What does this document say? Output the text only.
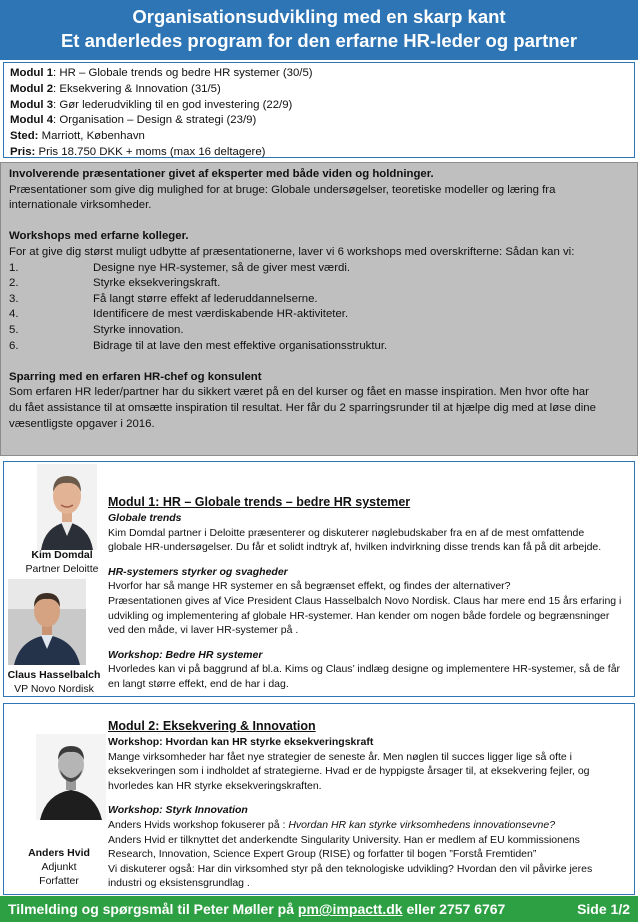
Organisationsudvikling med en skarp kant
Et anderledes program for den erfarne HR-leder og partner
Modul 1: HR – Globale trends og bedre HR systemer (30/5)
Modul 2: Eksekvering & Innovation (31/5)
Modul 3: Gør lederudvikling til en god investering (22/9)
Modul 4: Organisation – Design & strategi (23/9)
Sted: Marriott, København
Pris: Pris 18.750 DKK + moms (max 16 deltagere)
Involverende præsentationer givet af eksperter med både viden og holdninger.
Præsentationer som give dig mulighed for at bruge: Globale undersøgelser, teoretiske modeller og læring fra
internationale virksomheder.
Workshops med erfarne kolleger.
For at give dig størst muligt udbytte af præsentationerne, laver vi 6 workshops med overskrifterne: Sådan kan vi:
1.	Designe nye HR-systemer, så de giver mest værdi.
2.	Styrke eksekveringskraft.
3.	Få langt større effekt af lederuddannelserne.
4.	Identificere de mest værdiskabende HR-aktiviteter.
5.	Styrke innovation.
6.	Bidrage til at lave den mest effektive organisationsstruktur.
Sparring med en erfaren HR-chef og konsulent
Som erfaren HR leder/partner har du sikkert været på en del kurser og fået en masse inspiration. Men hvor ofte har
du fået assistance til at omsætte inspiration til resultat. Her får du 2 sparringsrunder til at hjælpe dig med at løse dine
væsentligste opgaver i 2016.
Kim Domdal
Partner Deloitte
Claus Hasselbalch
VP Novo Nordisk
Modul 1: HR – Globale trends – bedre HR systemer
Globale trends
Kim Domdal partner i Deloitte præsenterer og diskuterer nøglebudskaber fra en af de mest omfattende
globale HR-undersøgelser. Du får et solidt indtryk af, hvilken indvirkning disse trends kan få på dit arbejde.
HR-systemers styrker og svagheder
Hvorfor har så mange HR systemer en så begrænset effekt, og findes der alternativer?
Præsentationen gives af Vice President Claus Hasselbalch Novo Nordisk. Claus har mere end 15 års erfaring i
udvikling og implementering af globale HR-systemer. Han kender om nogen både fordele og begrænsninger
ved den måde, vi laver HR-systemer på .
Workshop: Bedre HR systemer
Hvorledes kan vi på baggrund af bl.a. Kims og Claus’ indlæg designe og implementere HR-systemer, så de får
en langt større effekt, end de har i dag.
Anders Hvid
Adjunkt
Forfatter
Modul 2: Eksekvering & Innovation
Workshop: Hvordan kan HR styrke eksekveringskraft
Mange virksomheder har fået nye strategier de seneste år. Men nøglen til succes ligger lige så ofte i
eksekveringen som i indholdet af strategierne. Hvad er de hyppigste årsager til, at eksekvering fejler, og
hvorledes kan HR styrke eksekveringskraften.
Workshop: Styrk Innovation
Anders Hvids workshop fokuserer på : Hvordan HR kan styrke virksomhedens innovationsevne?
Anders Hvid er tilknyttet det anderkendte Singularity University. Han er medlem af EU kommissionens
Research, Innovation, Science Expert Group (RISE) og forfatter til bogen ”Forstå Fremtiden”
Vi diskuterer også: Har din virksomhed styr på den teknologiske udvikling? Hvordan den vil påvirke jeres
industri og eksistensgrundlag .
Tilmelding og spørgsmål til Peter Møller på pm@impactt.dk eller 2757 6767	Side 1/2
